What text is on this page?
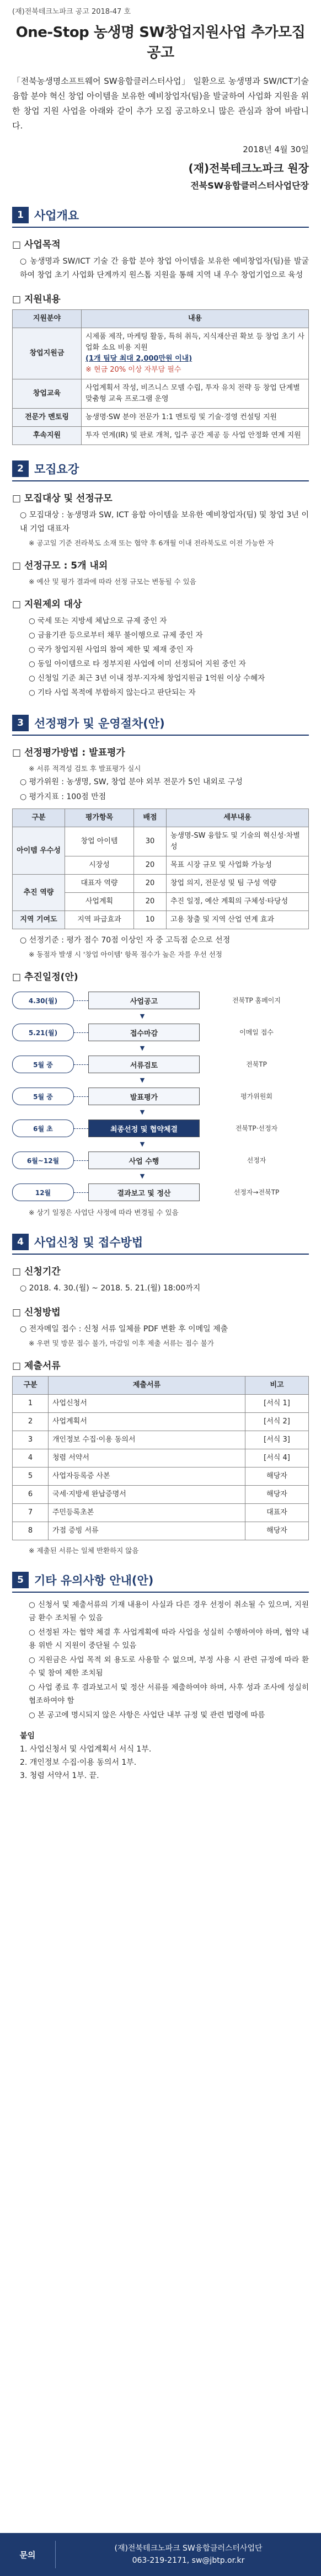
(재)전북테크노파크 공고 2018-47 호
One-Stop 농생명 SW창업지원사업 추가모집 공고

「전북농생명소프트웨어 SW융합클러스터사업」 일환으로 농생명과 SW/ICT기술융합 분야 혁신 창업 아이템을 보유한 예비창업자(팀)을 발굴하여 사업화 지원을 위한 창업 지원 사업을 아래와 같이 추가 모집 공고하오니 많은 관심과 참여 바랍니다.

2018년 4월 30일
(재)전북테크노파크 원장
전북SW융합클러스터사업단장
1 사업개요
□ 사업목적
○ 농생명과 SW/ICT 기술 간 융합 분야 창업 아이템을 보유한 예비창업자(팀)를 발굴하여 창업 초기 사업화 단계까지 원스톱 지원을 통해 지역 내 우수 창업기업으로 육성
□ 지원내용
지원분야	내용
창업지원금	시제품 제작, 마케팅 활동, 특허 취득, 지식재산권 확보 등 창업 초기 사업화 소요 비용 지원
(1개 팀당 최대 2,000만원 이내)
※ 현금 20% 이상 자부담 필수

창업교육	사업계획서 작성, 비즈니스 모델 수립, 투자 유치 전략 등 창업 단계별 맞춤형 교육 프로그램 운영
전문가 멘토링	농생명·SW 분야 전문가 1:1 멘토링 및 기술·경영 컨설팅 지원
후속지원	투자 연계(IR) 및 판로 개척, 입주 공간 제공 등 사업 안정화 연계 지원
2 모집요강
□ 모집대상 및 선정규모
○ 모집대상 : 농생명과 SW, ICT 융합 아이템을 보유한 예비창업자(팀) 및 창업 3년 이내 기업 대표자
※ 공고일 기준 전라북도 소재 또는 협약 후 6개월 이내 전라북도로 이전 가능한 자
□ 선정규모 : 5개 내외
※ 예산 및 평가 결과에 따라 선정 규모는 변동될 수 있음
□ 지원제외 대상
○ 국세 또는 지방세 체납으로 규제 중인 자
○ 금융기관 등으로부터 채무 불이행으로 규제 중인 자
○ 국가 창업지원 사업의 참여 제한 및 제재 중인 자
○ 동일 아이템으로 타 정부지원 사업에 이미 선정되어 지원 중인 자
○ 신청일 기준 최근 3년 이내 정부·지자체 창업지원금 1억원 이상 수혜자
○ 기타 사업 목적에 부합하지 않는다고 판단되는 자
3 선정평가 및 운영절차(안)
□ 선정평가방법 : 발표평가
※ 서류 적격성 검토 후 발표평가 실시
○ 평가위원 : 농생명, SW, 창업 분야 외부 전문가 5인 내외로 구성
○ 평가지표 : 100점 만점
구분	평가항목	배점	세부내용
아이템 우수성	창업 아이템	30	농생명-SW 융합도 및 기술의 혁신성·차별성
	시장성	20	목표 시장 규모 및 사업화 가능성
추진 역량	대표자 역량	20	창업 의지, 전문성 및 팀 구성 역량
	사업계획	20	추진 일정, 예산 계획의 구체성·타당성
지역 기여도	지역 파급효과	10	고용 창출 및 지역 산업 연계 효과
○ 선정기준 : 평가 점수 70점 이상인 자 중 고득점 순으로 선정
※ 동점자 발생 시 '창업 아이템' 항목 점수가 높은 자를 우선 선정
□ 추진일정(안)
4.30(월)	사업공고	전북TP 홈페이지
▼
5.21(월)	접수마감	이메일 접수
▼
5월 중	서류검토	전북TP
▼
5월 중	발표평가	평가위원회
▼
6월 초	최종선정 및 협약체결	전북TP·선정자
▼
6월~12월	사업 수행	선정자
▼
12월	결과보고 및 정산	선정자→전북TP
※ 상기 일정은 사업단 사정에 따라 변경될 수 있음
4 사업신청 및 접수방법
□ 신청기간
○ 2018. 4. 30.(월) ~ 2018. 5. 21.(월) 18:00까지
□ 신청방법
○ 전자메일 접수 : 신청 서류 일체를 PDF 변환 후 이메일 제출
※ 우편 및 방문 접수 불가, 마감일 이후 제출 서류는 접수 불가
□ 제출서류
구분	제출서류	비고
1	사업신청서	[서식 1]
2	사업계획서	[서식 2]
3	개인정보 수집·이용 동의서	[서식 3]
4	청렴 서약서	[서식 4]
5	사업자등록증 사본	해당자
6	국세·지방세 완납증명서	해당자
7	주민등록초본	대표자
8	가점 증빙 서류	해당자
※ 제출된 서류는 일체 반환하지 않음
5 기타 유의사항 안내(안)
○ 신청서 및 제출서류의 기재 내용이 사실과 다른 경우 선정이 취소될 수 있으며, 지원금 환수 조치될 수 있음
○ 선정된 자는 협약 체결 후 사업계획에 따라 사업을 성실히 수행하여야 하며, 협약 내용 위반 시 지원이 중단될 수 있음
○ 지원금은 사업 목적 외 용도로 사용할 수 없으며, 부정 사용 시 관련 규정에 따라 환수 및 참여 제한 조치됨
○ 사업 종료 후 결과보고서 및 정산 서류를 제출하여야 하며, 사후 성과 조사에 성실히 협조하여야 함
○ 본 공고에 명시되지 않은 사항은 사업단 내부 규정 및 관련 법령에 따름
붙임
1. 사업신청서 및 사업계획서 서식 1부.
2. 개인정보 수집·이용 동의서 1부.
3. 청렴 서약서 1부. 끝.
문의
(재)전북테크노파크 SW융합클러스터사업단
063-219-2171, sw@jbtp.or.kr
